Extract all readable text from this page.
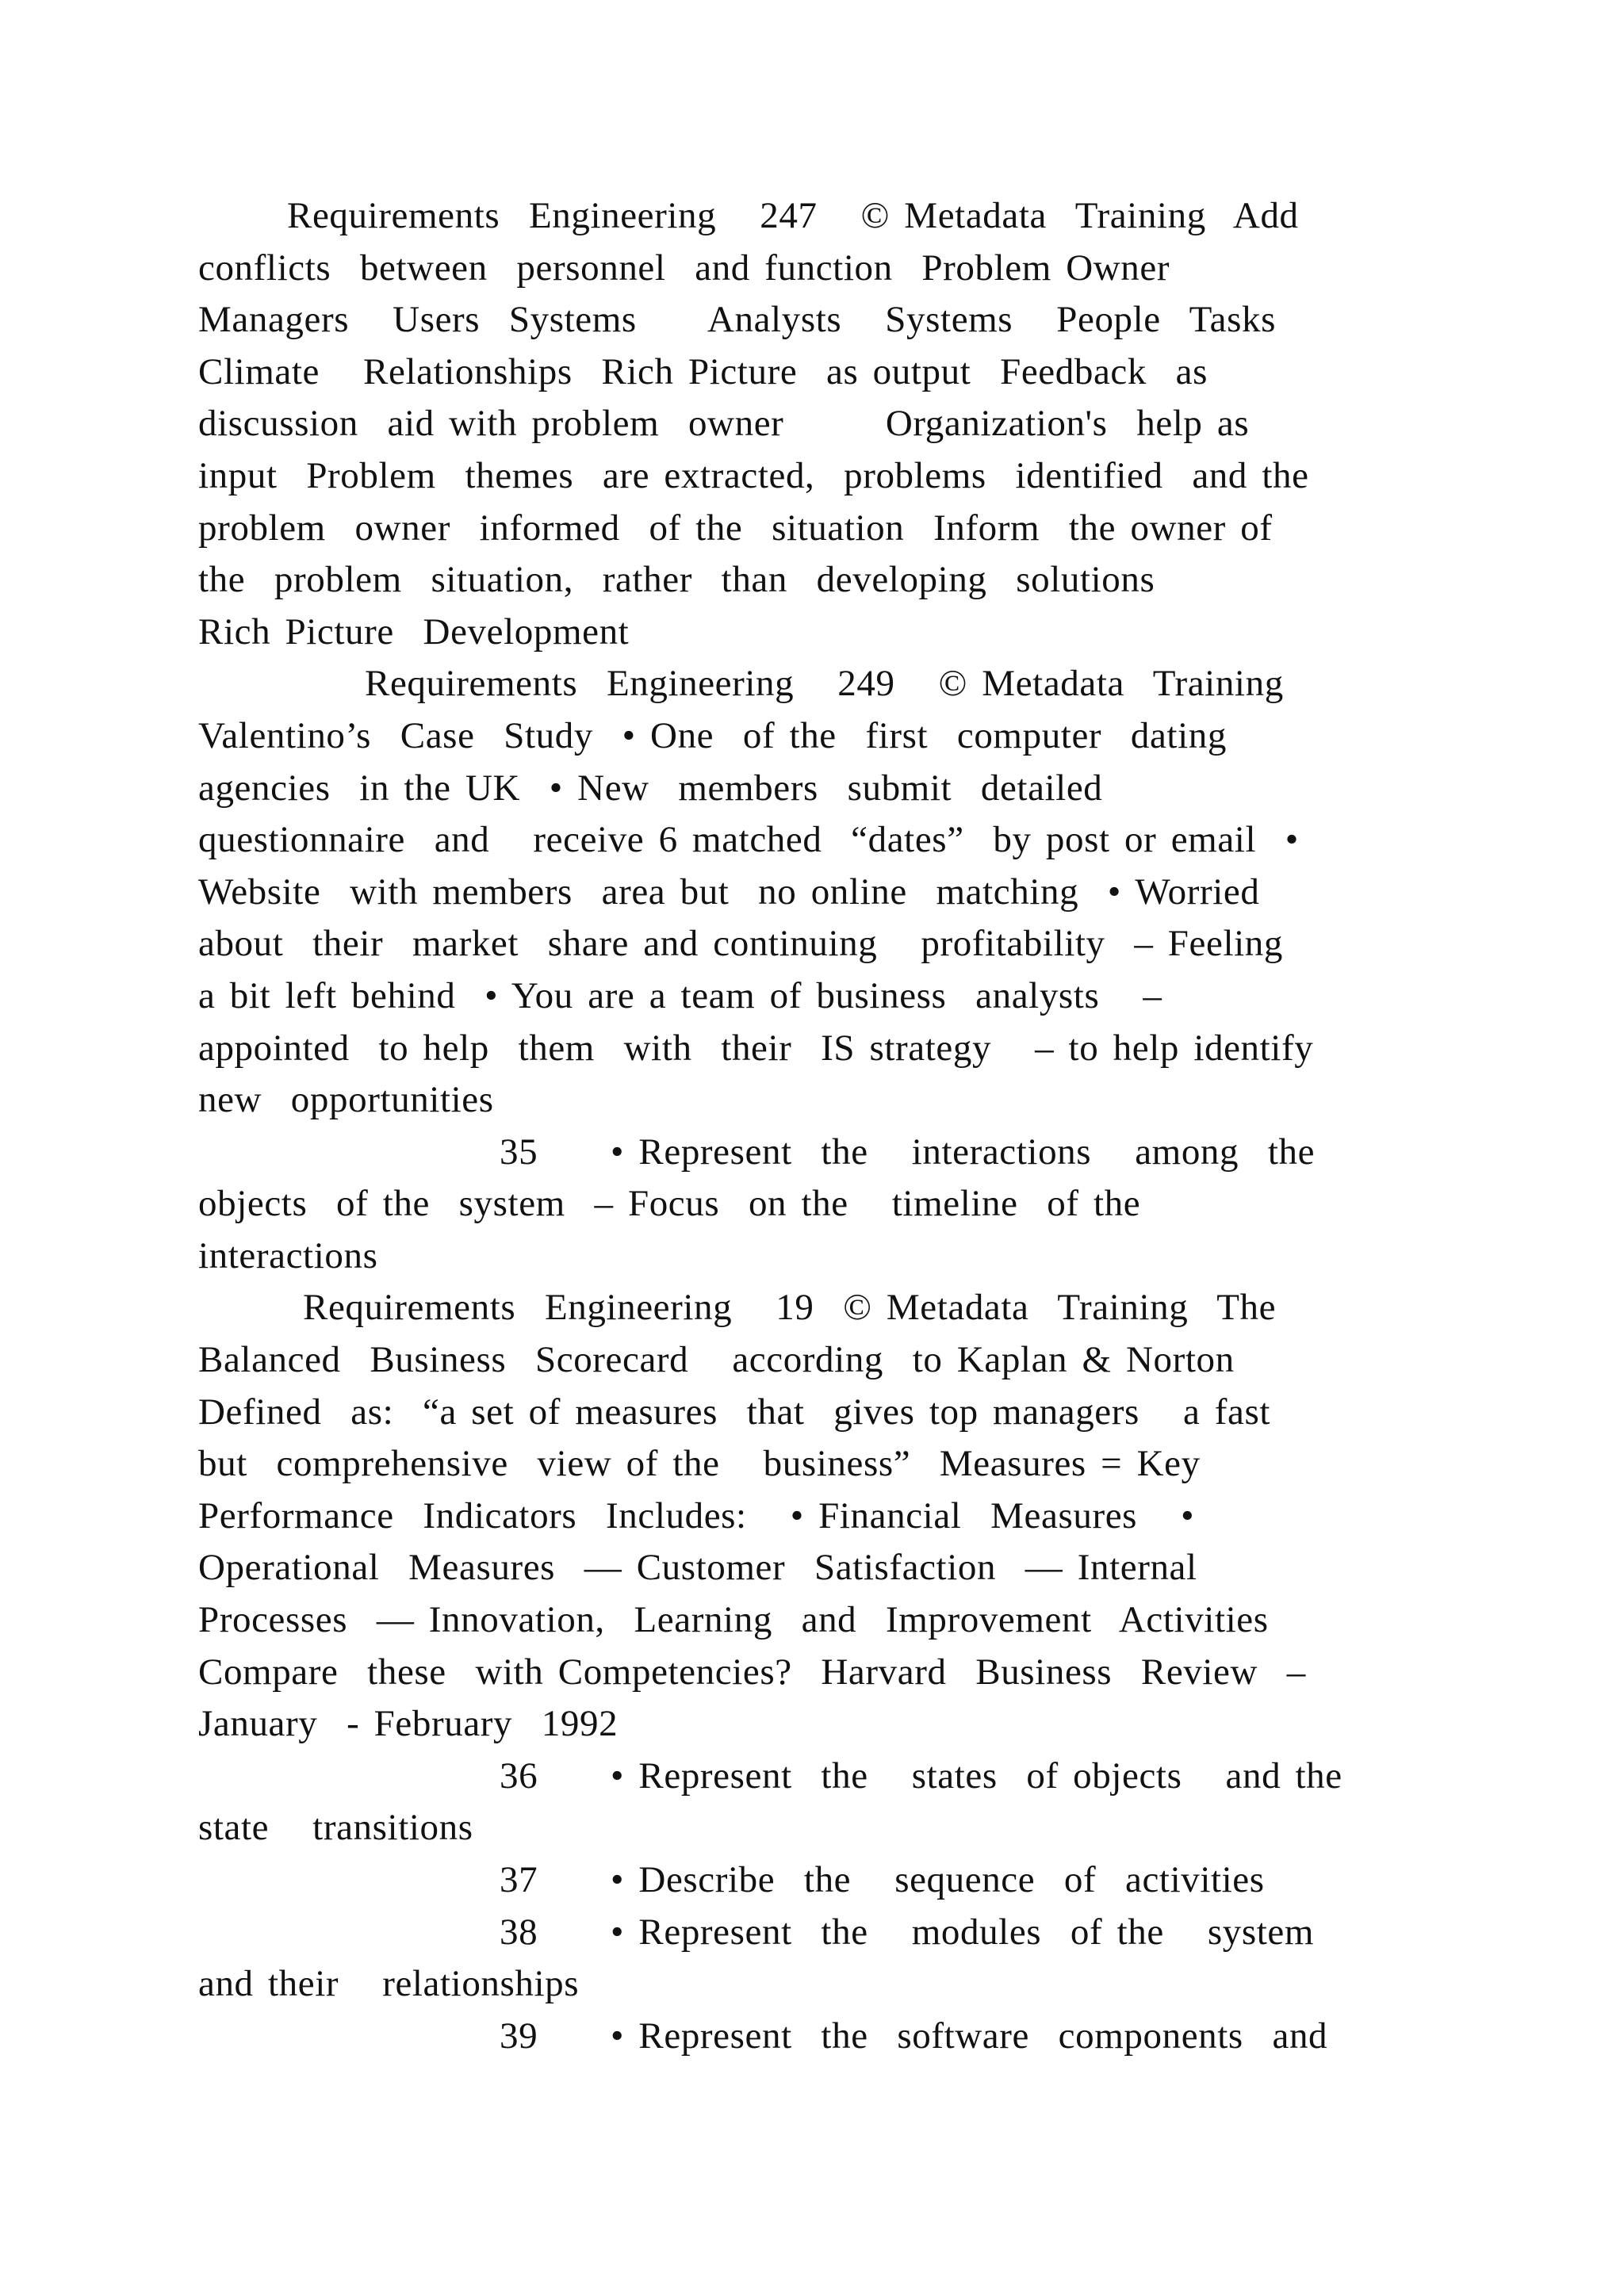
Requirements  Engineering   247   © Metadata  Training  Add
conflicts  between  personnel  and function  Problem Owner
Managers   Users  Systems     Analysts   Systems   People  Tasks
Climate   Relationships  Rich Picture  as output  Feedback  as
discussion  aid with problem  owner       Organization's  help as
input  Problem  themes  are extracted,  problems  identified  and the
problem  owner  informed  of the  situation  Inform  the owner of
the  problem  situation,  rather  than  developing  solutions
Rich Picture  Development
Requirements  Engineering   249   © Metadata  Training
Valentino’s  Case  Study  • One  of the  first  computer  dating
agencies  in the UK  • New  members  submit  detailed
questionnaire  and   receive 6 matched  “dates”  by post or email  •
Website  with members  area but  no online  matching  • Worried
about  their  market  share and continuing   profitability  – Feeling
a bit left behind  • You are a team of business  analysts   –
appointed  to help  them  with  their  IS strategy   – to help identify
new  opportunities
35 • Represent  the   interactions   among  the
objects  of the  system  – Focus  on the   timeline  of the
interactions
Requirements  Engineering   19  © Metadata  Training  The
Balanced  Business  Scorecard   according  to Kaplan & Norton
Defined  as:  “a set of measures  that  gives top managers   a fast
but  comprehensive  view of the   business”  Measures = Key
Performance  Indicators  Includes:   • Financial  Measures   •
Operational  Measures  — Customer  Satisfaction  — Internal
Processes  — Innovation,  Learning  and  Improvement  Activities
Compare  these  with Competencies?  Harvard  Business  Review  –
January  - February  1992
36 • Represent  the   states  of objects   and the
state   transitions
37 • Describe  the   sequence  of  activities
38 • Represent  the   modules  of the   system
and their   relationships
39 • Represent  the  software  components  and
